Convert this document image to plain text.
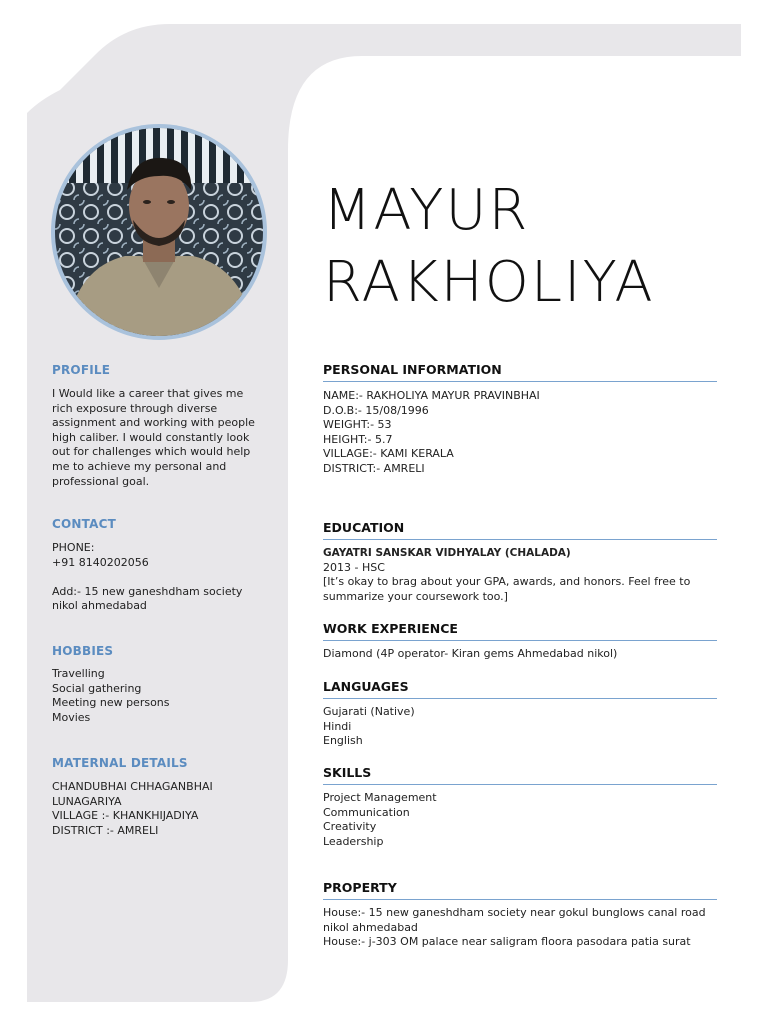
MAYUR
RAKHOLIYA
PROFILE
I Would like a career that gives me
rich exposure through diverse
assignment and working with people
high caliber. I would constantly look
out for challenges which would help
me to achieve my personal and
professional goal.
CONTACT
PHONE:
+91 8140202056
Add:- 15 new ganeshdham society
nikol ahmedabad
HOBBIES
Travelling
Social gathering
Meeting new persons
Movies
MATERNAL DETAILS
CHANDUBHAI CHHAGANBHAI
LUNAGARIYA
VILLAGE :- KHANKHIJADIYA
DISTRICT :- AMRELI
PERSONAL INFORMATION
NAME:- RAKHOLIYA MAYUR PRAVINBHAI
D.O.B:- 15/08/1996
WEIGHT:- 53
HEIGHT:- 5.7
VILLAGE:- KAMI KERALA
DISTRICT:- AMRELI
EDUCATION
GAYATRI SANSKAR VIDHYALAY (CHALADA)
2013 - HSC
[It’s okay to brag about your GPA, awards, and honors. Feel free to
summarize your coursework too.]
WORK EXPERIENCE
Diamond (4P operator- Kiran gems Ahmedabad nikol)
LANGUAGES
Gujarati (Native)
Hindi
English
SKILLS
Project Management
Communication
Creativity
Leadership
PROPERTY
House:- 15 new ganeshdham society near gokul bunglows canal road
nikol ahmedabad
House:- j-303 OM palace near saligram floora pasodara patia surat
